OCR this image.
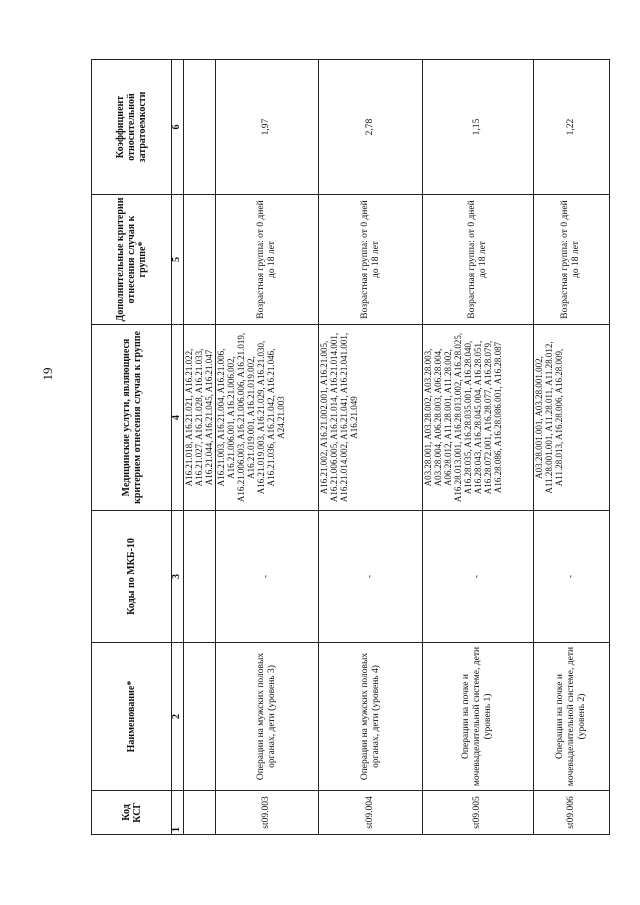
19
Код КСГ	Наименование*	Коды по МКБ-10	Медицинские услуги, являющиеся критерием отнесения случая к группе	Дополнительные критерии отнесения случая к группе*	Коэффициент относительной затратоемкости
1	2	3	4	5	6
			A16.21.018, A16.21.021, A16.21.022, A16.21.027, A16.21.028, A16.21.033, A16.21.044, A16.21.045, A16.21.047		
st09.003	Операции на мужских половых органах, дети (уровень 3)	-	A16.21.003, A16.21.004, A16.21.006, A16.21.006.001, A16.21.006.002, A16.21.006.003, A16.21.006.006, A16.21.019, A16.21.019.001, A16.21.019.002, A16.21.019.003, A16.21.029, A16.21.030, A16.21.036, A16.21.042, A16.21.046, A24.21.003	Возрастная группа: от 0 дней до 18 лет	1,97
st09.004	Операции на мужских половых органах, дети (уровень 4)	-	A16.21.002, A16.21.002.001, A16.21.005, A16.21.006.005, A16.21.014, A16.21.014.001, A16.21.014.002, A16.21.041, A16.21.041.001, A16.21.049	Возрастная группа: от 0 дней до 18 лет	2,78
st09.005	Операции на почке и мочевыделительной системе, дети (уровень 1)	-	A03.28.001, A03.28.002, A03.28.003, A03.28.004, A06.28.003, A06.28.004, A06.28.012, A11.28.001, A11.28.002, A16.28.013.001, A16.28.013.002, A16.28.025, A16.28.035, A16.28.035.001, A16.28.040, A16.28.043, A16.28.045.004, A16.28.051, A16.28.072.001, A16.28.077, A16.28.079, A16.28.086, A16.28.086.001, A16.28.087	Возрастная группа: от 0 дней до 18 лет	1,15
st09.006	Операции на почке и мочевыделительной системе, дети (уровень 2)	-	A03.28.001.001, A03.28.001.002, A11.28.001.001, A11.28.011, A11.28.012, A11.28.013, A16.28.006, A16.28.009,	Возрастная группа: от 0 дней до 18 лет	1,22
